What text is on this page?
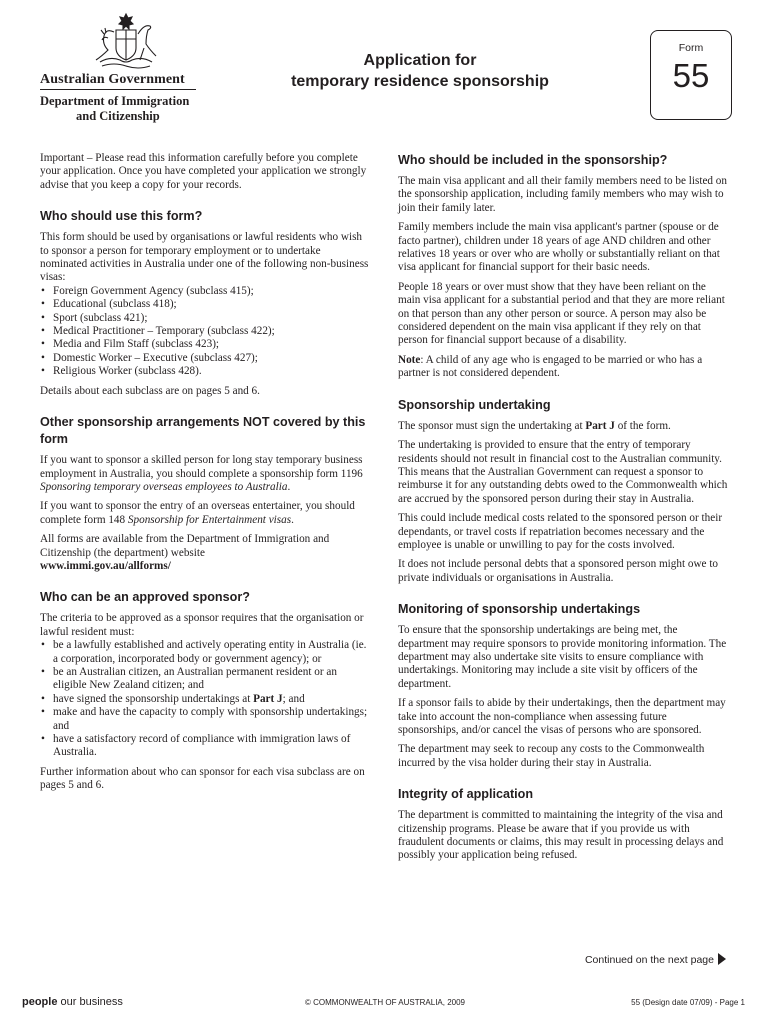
Australian Government
Department of Immigration
and Citizenship
Application for
temporary residence sponsorship
Form
55

Important – Please read this information carefully before you complete your application. Once you have completed your application we strongly advise that you keep a copy for your records.

Who should use this form?

This form should be used by organisations or lawful residents who wish to sponsor a person for temporary employment or to undertake nominated activities in Australia under one of the following non-business visas:

• Foreign Government Agency (subclass 415);
• Educational (subclass 418);
• Sport (subclass 421);
• Medical Practitioner – Temporary (subclass 422);
• Media and Film Staff (subclass 423);
• Domestic Worker – Executive (subclass 427);
• Religious Worker (subclass 428).

Details about each subclass are on pages 5 and 6.

Other sponsorship arrangements NOT covered by this form

If you want to sponsor a skilled person for long stay temporary business employment in Australia, you should complete a sponsorship form 1196 Sponsoring temporary overseas employees to Australia.

If you want to sponsor the entry of an overseas entertainer, you should complete form 148 Sponsorship for Entertainment visas.

All forms are available from the Department of Immigration and Citizenship (the department) website
www.immi.gov.au/allforms/

Who can be an approved sponsor?

The criteria to be approved as a sponsor requires that the organisation or lawful resident must:

• be a lawfully established and actively operating entity in Australia (ie. a corporation, incorporated body or government agency); or
• be an Australian citizen, an Australian permanent resident or an eligible New Zealand citizen; and
• have signed the sponsorship undertakings at Part J; and
• make and have the capacity to comply with sponsorship undertakings; and
• have a satisfactory record of compliance with immigration laws of Australia.

Further information about who can sponsor for each visa subclass are on pages 5 and 6.

Who should be included in the sponsorship?

The main visa applicant and all their family members need to be listed on the sponsorship application, including family members who may wish to join their family later.

Family members include the main visa applicant's partner (spouse or de facto partner), children under 18 years of age AND children and other relatives 18 years or over who are wholly or substantially reliant on that visa applicant for financial support for their basic needs.

People 18 years or over must show that they have been reliant on the main visa applicant for a substantial period and that they are more reliant on that person than any other person or source. A person may also be considered dependent on the main visa applicant if they rely on that person for financial support because of a disability.

Note: A child of any age who is engaged to be married or who has a partner is not considered dependent.

Sponsorship undertaking

The sponsor must sign the undertaking at Part J of the form.

The undertaking is provided to ensure that the entry of temporary residents should not result in financial cost to the Australian community. This means that the Australian Government can request a sponsor to reimburse it for any outstanding debts owed to the Commonwealth which are accrued by the sponsored person during their stay in Australia.

This could include medical costs related to the sponsored person or their dependants, or travel costs if repatriation becomes necessary and the employee is unable or unwilling to pay for the costs involved.

It does not include personal debts that a sponsored person might owe to private individuals or organisations in Australia.

Monitoring of sponsorship undertakings

To ensure that the sponsorship undertakings are being met, the department may require sponsors to provide monitoring information. The department may also undertake site visits to ensure compliance with undertakings. Monitoring may include a site visit by officers of the department.

If a sponsor fails to abide by their undertakings, then the department may take into account the non-compliance when assessing future sponsorships, and/or cancel the visas of persons who are sponsored.

The department may seek to recoup any costs to the Commonwealth incurred by the visa holder during their stay in Australia.

Integrity of application

The department is committed to maintaining the integrity of the visa and citizenship programs. Please be aware that if you provide us with fraudulent documents or claims, this may result in processing delays and possibly your application being refused.

Continued on the next page
people our business	© COMMONWEALTH OF AUSTRALIA, 2009	55 (Design date 07/09) - Page 1
